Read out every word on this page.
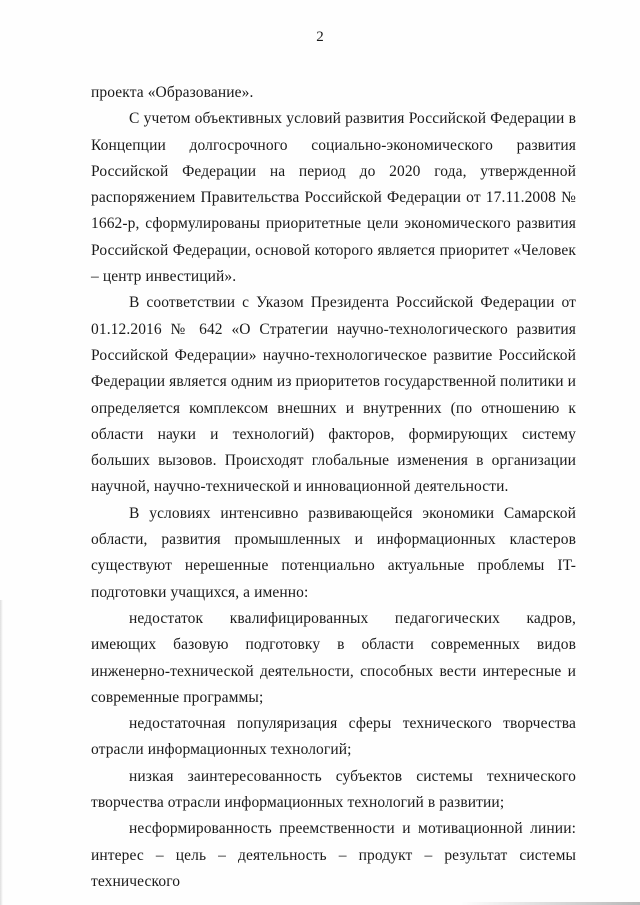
2

проекта «Образование».

С учетом объективных условий развития Российской Федерации в Концепции долгосрочного социально-экономического развития Российской Федерации на период до 2020 года, утвержденной распоряжением Правительства Российской Федерации от 17.11.2008 № 1662-р, сформулированы приоритетные цели экономического развития Российской Федерации, основой которого является приоритет «Человек – центр инвестиций».

В соответствии с Указом Президента Российской Федерации от 01.12.2016 № 642 «О Стратегии научно-технологического развития Российской Федерации» научно-технологическое развитие Российской Федерации является одним из приоритетов государственной политики и определяется комплексом внешних и внутренних (по отношению к области науки и технологий) факторов, формирующих систему больших вызовов. Происходят глобальные изменения в организации научной, научно-технической и инновационной деятельности.

В условиях интенсивно развивающейся экономики Самарской области, развития промышленных и информационных кластеров существуют нерешенные потенциально актуальные проблемы IT-подготовки учащихся, а именно:

недостаток квалифицированных педагогических кадров, имеющих базовую подготовку в области современных видов инженерно-технической деятельности, способных вести интересные и современные программы;

недостаточная популяризация сферы технического творчества отрасли информационных технологий;

низкая заинтересованность субъектов системы технического творчества отрасли информационных технологий в развитии;

несформированность преемственности и мотивационной линии: интерес – цель – деятельность – продукт – результат системы технического
